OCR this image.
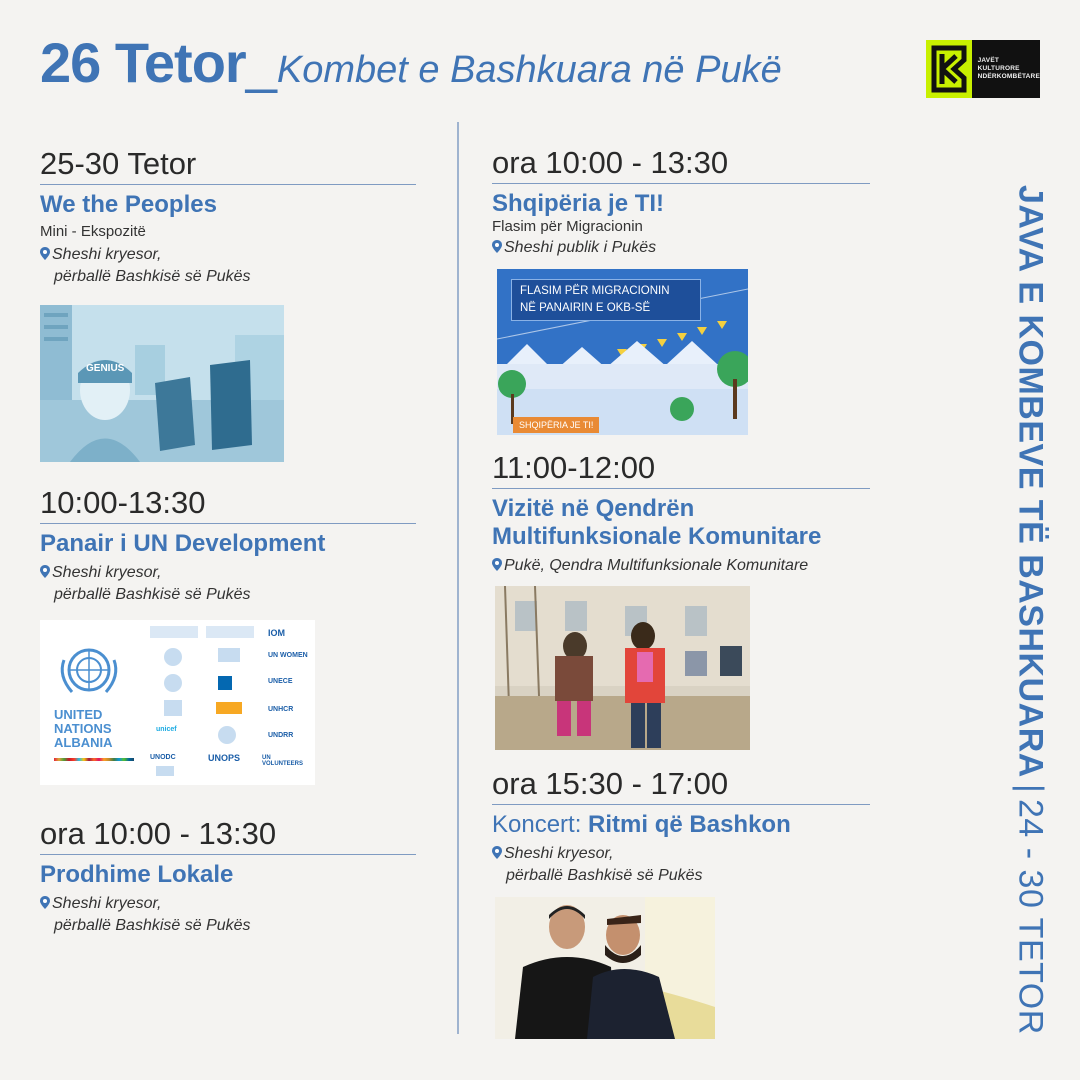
26 Tetor _ Kombet e Bashkuara në Pukë	JAVËT
KULTURORE
NDËRKOMBËTARE
25-30 Tetor
We the Peoples
Mini - Ekspozitë
Sheshi kryesor,
përballë Bashkisë së Pukës
GENIUS
10:00-13:30
Panair i UN Development
Sheshi kryesor,
përballë Bashkisë së Pukës
UNITED
NATIONS
ALBANIA
IOM
UN WOMEN
UNECE
UNHCR
unicef
UNDRR
UNODC	UNOPS	UN VOLUNTEERS
ora 10:00 - 13:30
Prodhime Lokale
Sheshi kryesor,
përballë Bashkisë së Pukës
ora 10:00 - 13:30
Shqipëria je TI!
Flasim për Migracionin
Sheshi publik i Pukës
FLASIM PËR MIGRACIONIN
NË PANAIRIN E OKB-SË
SHQIPËRIA JE TI!
11:00-12:00
Vizitë në Qendrën
Multifunksionale Komunitare
Pukë, Qendra Multifunksionale Komunitare
ora 15:30 - 17:00
Koncert: Ritmi që Bashkon
Sheshi kryesor,
përballë Bashkisë së Pukës
JAVA E KOMBEVE TË BASHKUARA
|
24 - 30 TETOR
